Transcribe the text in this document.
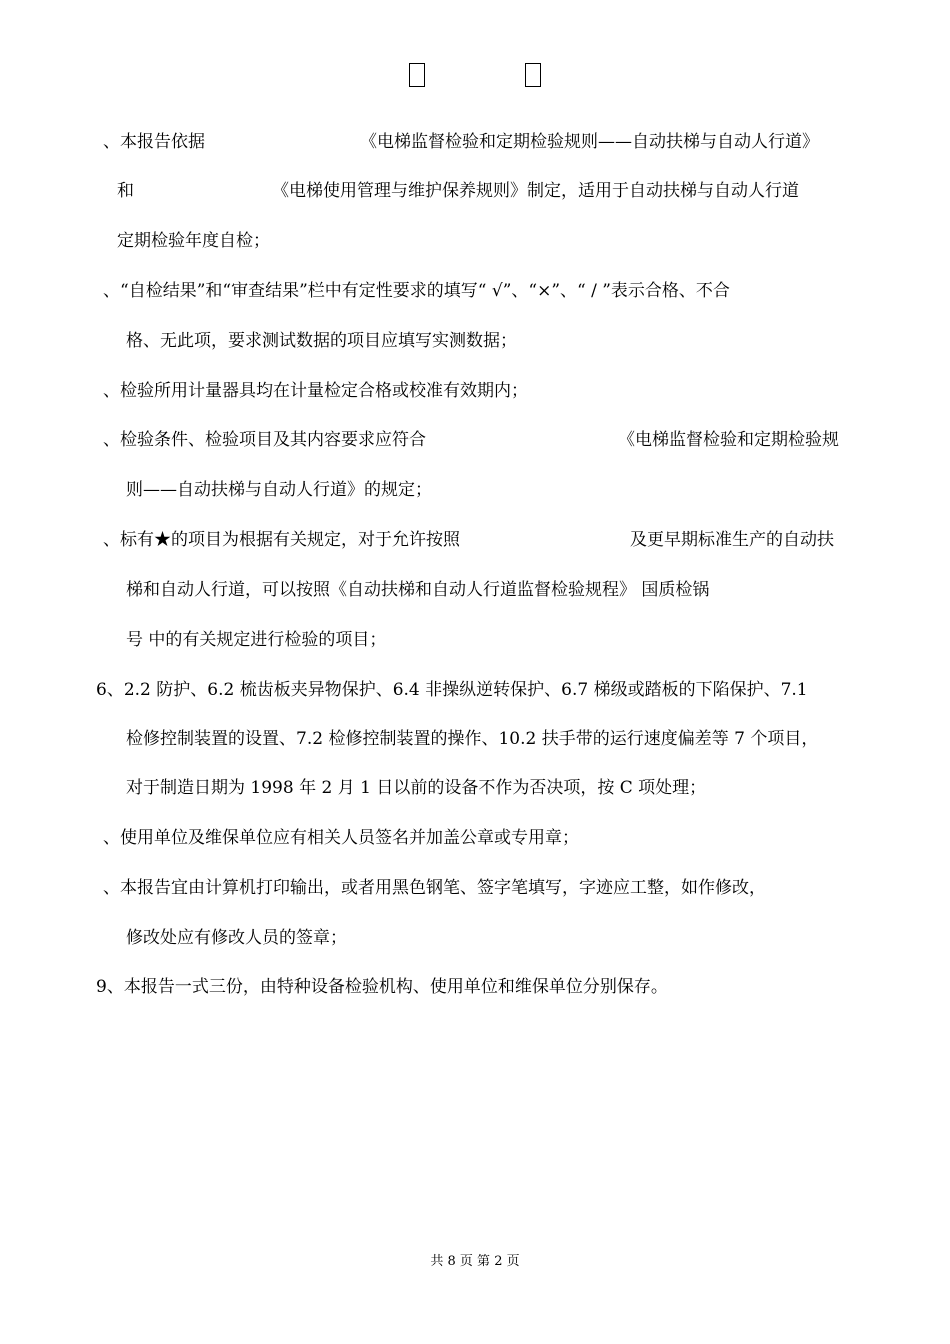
、本报告依据	《电梯监督检验和定期检验规则——自动扶梯与自动人行道》
和	《电梯使用管理与维护保养规则》制定，适用于自动扶梯与自动人行道
定期检验年度自检；
、“自检结果”和“审查结果”栏中有定性要求的填写“ √”、“×”、“ / ”表示合格、不合
格、无此项，要求测试数据的项目应填写实测数据；
、检验所用计量器具均在计量检定合格或校准有效期内；
、检验条件、检验项目及其内容要求应符合	《电梯监督检验和定期检验规
则——自动扶梯与自动人行道》的规定；
、标有★的项目为根据有关规定，对于允许按照	及更早期标准生产的自动扶
梯和自动人行道，可以按照《自动扶梯和自动人行道监督检验规程》 国质检锅
号 中的有关规定进行检验的项目；
6、2.2 防护、6.2 梳齿板夹异物保护、6.4 非操纵逆转保护、6.7 梯级或踏板的下陷保护、7.1
检修控制装置的设置、7.2 检修控制装置的操作、10.2 扶手带的运行速度偏差等 7 个项目，
对于制造日期为 1998 年 2 月 1 日以前的设备不作为否决项，按 C 项处理；
、使用单位及维保单位应有相关人员签名并加盖公章或专用章；
、本报告宜由计算机打印输出，或者用黑色钢笔、签字笔填写，字迹应工整，如作修改，
修改处应有修改人员的签章；
9、本报告一式三份，由特种设备检验机构、使用单位和维保单位分别保存。
共 8 页 第 2 页
